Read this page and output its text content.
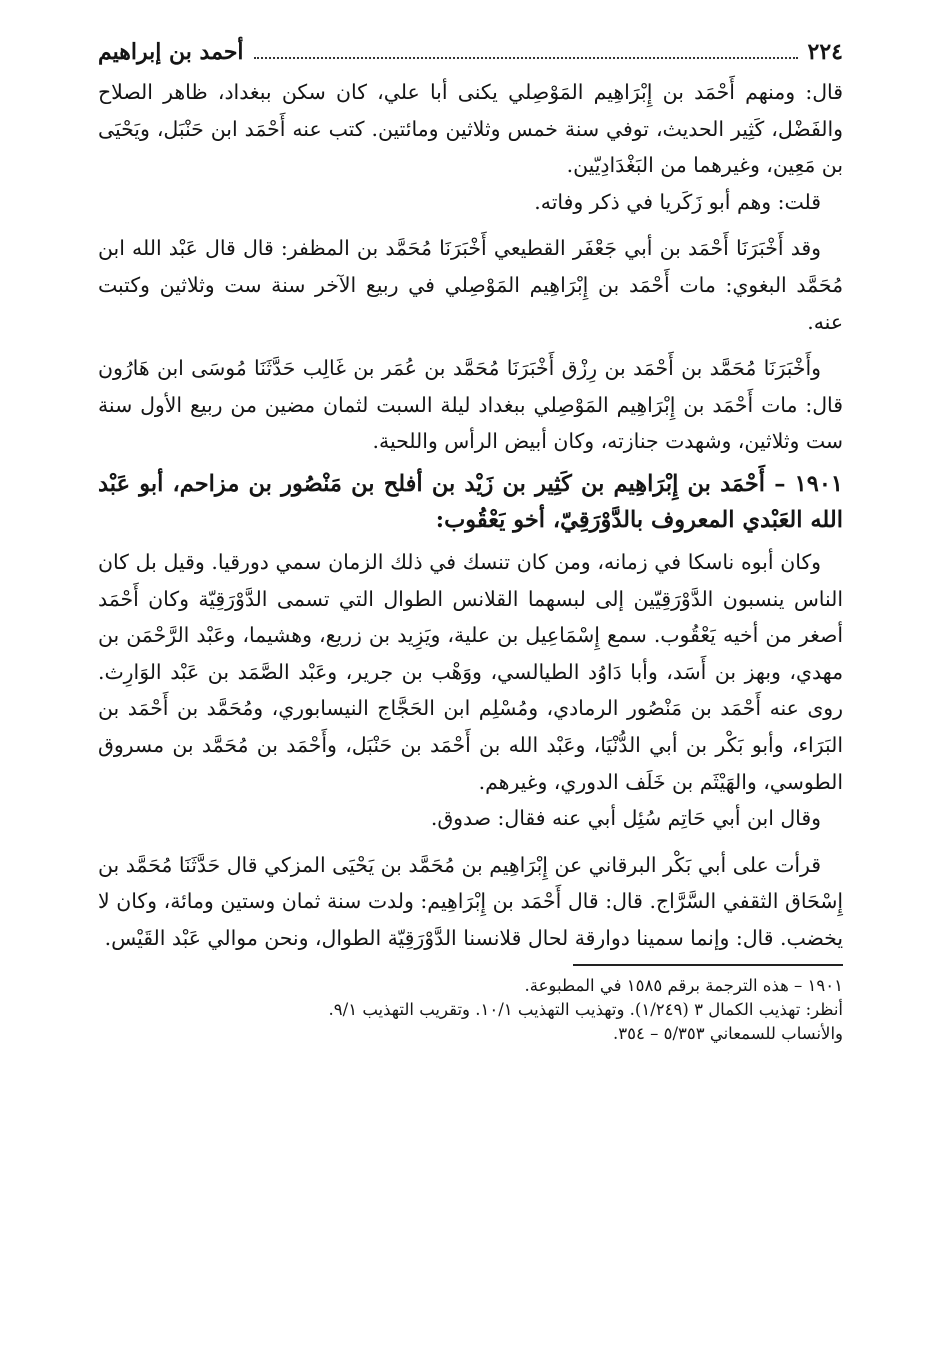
٢٢٤
أحمد بن إبراهيم

قال: ومنهم أَحْمَد بن إِبْرَاهِيم المَوْصِلي يكنى أبا علي، كان سكن ببغداد، ظاهر الصلاح والفَضْل، كَثِير الحديث، توفي سنة خمس وثلاثين ومائتين. كتب عنه أَحْمَد ابن حَنْبَل، ويَحْيَى بن مَعِين، وغيرهما من البَغْدَادِيّين.

قلت: وهم أبو زَكَريا في ذكر وفاته.

وقد أَخْبَرَنَا أَحْمَد بن أبي جَعْفَر القطيعي أَخْبَرَنَا مُحَمَّد بن المظفر: قال قال عَبْد الله ابن مُحَمَّد البغوي: مات أَحْمَد بن إِبْرَاهِيم المَوْصِلي في ربيع الآخر سنة ست وثلاثين وكتبت عنه.

وأَخْبَرَنَا مُحَمَّد بن أَحْمَد بن رِزْق أَخْبَرَنَا مُحَمَّد بن عُمَر بن غَالِب حَدَّثَنَا مُوسَى ابن هَارُون قال: مات أَحْمَد بن إِبْرَاهِيم المَوْصِلي ببغداد ليلة السبت لثمان مضين من ربيع الأول سنة ست وثلاثين، وشهدت جنازته، وكان أبيض الرأس واللحية.

١٩٠١ – أَحْمَد بن إِبْرَاهِيم بن كَثِير بن زَيْد بن أفلح بن مَنْصُور بن مزاحم، أبو عَبْد الله العَبْدي المعروف بالدَّوْرَقِيّ، أخو يَعْقُوب:

وكان أبوه ناسكا في زمانه، ومن كان تنسك في ذلك الزمان سمي دورقيا. وقيل بل كان الناس ينسبون الدَّوْرَقِيّين إلى لبسهما القلانس الطوال التي تسمى الدَّوْرَقِيّة وكان أَحْمَد أصغر من أخيه يَعْقُوب. سمع إِسْمَاعِيل بن علية، ويَزِيد بن زريع، وهشيما، وعَبْد الرَّحْمَن بن مهدي، وبهز بن أَسَد، وأبا دَاوُد الطيالسي، ووَهْب بن جرير، وعَبْد الصَّمَد بن عَبْد الوَارِث. روى عنه أَحْمَد بن مَنْصُور الرمادي، ومُسْلِم ابن الحَجَّاج النيسابوري، ومُحَمَّد بن أَحْمَد بن البَرَاء، وأبو بَكْر بن أبي الدُّنْيَا، وعَبْد الله بن أَحْمَد بن حَنْبَل، وأَحْمَد بن مُحَمَّد بن مسروق الطوسي، والهَيْثَم بن خَلَف الدوري، وغيرهم.

وقال ابن أبي حَاتِم سُئِل أبي عنه فقال: صدوق.

قرأت على أبي بَكْر البرقاني عن إِبْرَاهِيم بن مُحَمَّد بن يَحْيَى المزكي قال حَدَّثَنَا مُحَمَّد بن إِسْحَاق الثقفي السَّرَّاج. قال: قال أَحْمَد بن إِبْرَاهِيم: ولدت سنة ثمان وستين ومائة، وكان لا يخضب. قال: وإنما سمينا دوارقة لحال قلانسنا الدَّوْرَقِيّة الطوال، ونحن موالي عَبْد القَيْس.

١٩٠١ – هذه الترجمة برقم ١٥٨٥ في المطبوعة.
أنظر: تهذيب الكمال ٣ (١/٢٤٩). وتهذيب التهذيب ١٠/١. وتقريب التهذيب ٩/١.
والأنساب للسمعاني ٥/٣٥٣ – ٣٥٤.
